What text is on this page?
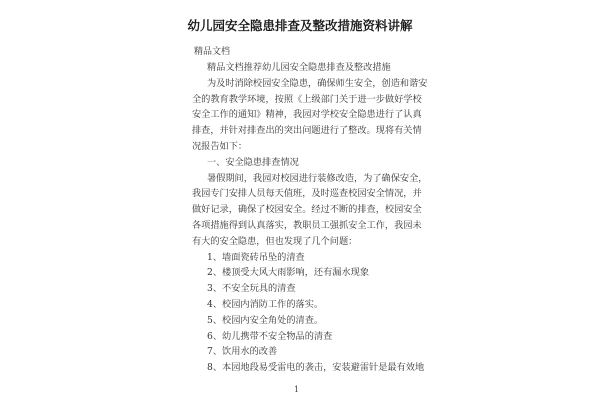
幼儿园安全隐患排查及整改措施资料讲解
精品文档
1
精品文档推荐幼儿园安全隐患排查及整改措施
为及时消除校园安全隐患，确保师生安全，创造和谐安
全的教育教学环境，按照《上级部门关于进一步做好学校
安全工作的通知》精神，我园对学校安全隐患进行了认真
排查，并针对排查出的突出问题进行了整改。现将有关情
况报告如下：
一、安全隐患排查情况
暑假期间，我园对校园进行装修改造，为了确保安全，
我园专门安排人员每天值班，及时巡查校园安全情况，并
做好记录，确保了校园安全。经过不断的排查，校园安全
各项措施得到认真落实，教职员工强抓安全工作，我园未
有大的安全隐患，但也发现了几个问题：
1、墙面瓷砖吊坠的清查
2、楼顶受大风大雨影响，还有漏水现象
3、不安全玩具的清查
4、校园内消防工作的落实。
5、校园内安全角处的清查。
6、幼儿携带不安全物品的清查
7、饮用水的改善
8、本园地段易受雷电的袭击，安装避雷针是最有效地
